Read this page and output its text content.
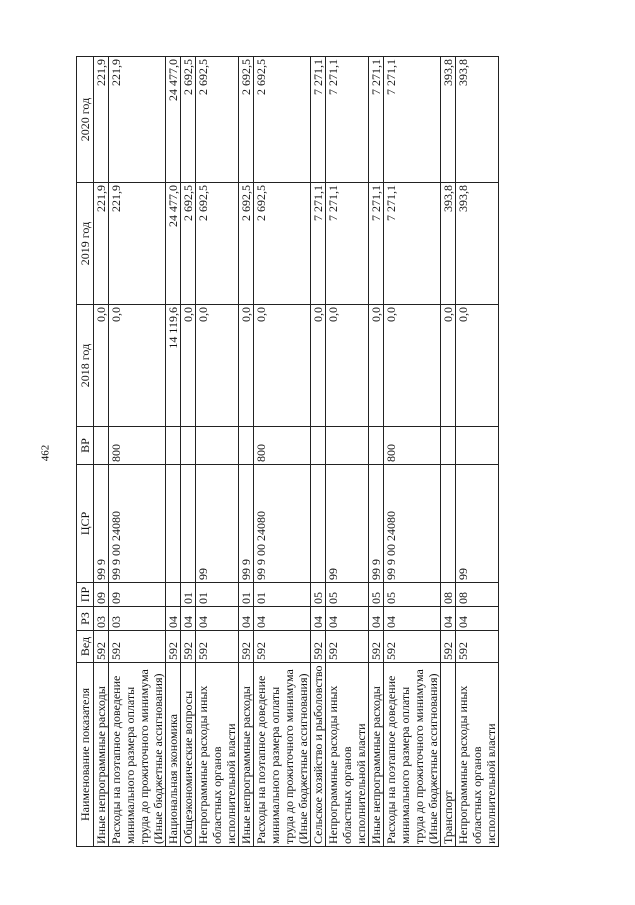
462
Наименование показателя	Вед	РЗ	ПР	ЦСР	ВР	2018 год	2019 год	2020 год
Иные непрограммные расходы	592	03	09	99 9		0,0	221,9	221,9
Расходы на поэтапное доведение минимального размера оплаты труда до прожиточного минимума (Иные бюджетные ассигнования)	592	03	09	99 9 00 24080	800	0,0	221,9	221,9
Национальная экономика	592	04				14 119,6	24 477,0	24 477,0
Общеэкономические вопросы	592	04	01			0,0	2 692,5	2 692,5
Непрограммные расходы иных областных органов исполнительной власти	592	04	01	99		0,0	2 692,5	2 692,5
Иные непрограммные расходы	592	04	01	99 9		0,0	2 692,5	2 692,5
Расходы на поэтапное доведение минимального размера оплаты труда до прожиточного минимума (Иные бюджетные ассигнования)	592	04	01	99 9 00 24080	800	0,0	2 692,5	2 692,5
Сельское хозяйство и рыболовство	592	04	05			0,0	7 271,1	7 271,1
Непрограммные расходы иных областных органов исполнительной власти	592	04	05	99		0,0	7 271,1	7 271,1
Иные непрограммные расходы	592	04	05	99 9		0,0	7 271,1	7 271,1
Расходы на поэтапное доведение минимального размера оплаты труда до прожиточного минимума (Иные бюджетные ассигнования)	592	04	05	99 9 00 24080	800	0,0	7 271,1	7 271,1
Транспорт	592	04	08			0,0	393,8	393,8
Непрограммные расходы иных областных органов исполнительной власти	592	04	08	99		0,0	393,8	393,8
